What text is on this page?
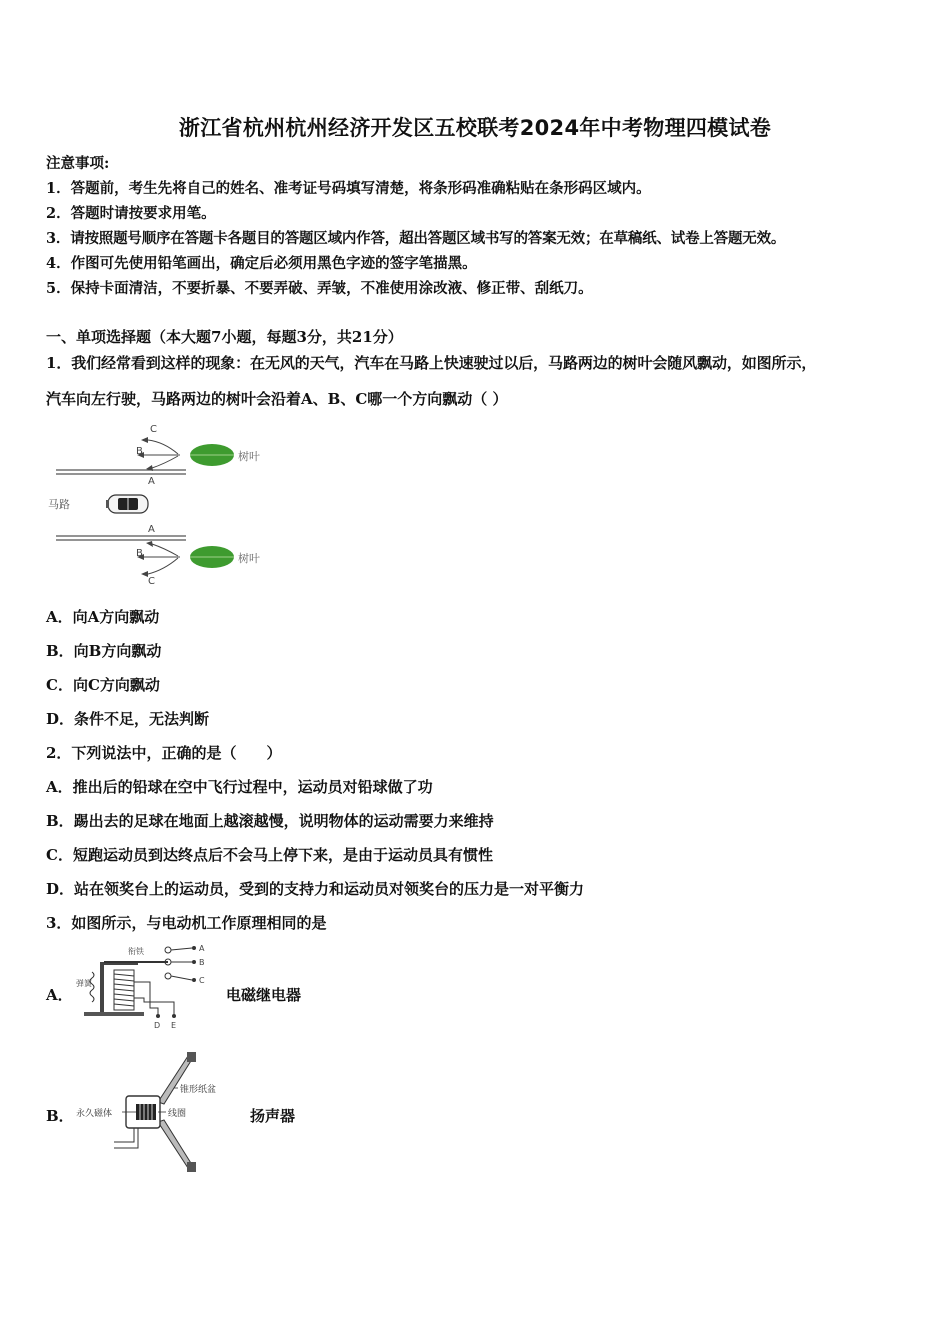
浙江省杭州杭州经济开发区五校联考2024年中考物理四模试卷
注意事项:
1．答题前，考生先将自己的姓名、准考证号码填写清楚，将条形码准确粘贴在条形码区域内。
2．答题时请按要求用笔。
3．请按照题号顺序在答题卡各题目的答题区域内作答，超出答题区域书写的答案无效；在草稿纸、试卷上答题无效。
4．作图可先使用铅笔画出，确定后必须用黑色字迹的签字笔描黑。
5．保持卡面清洁，不要折暴、不要弄破、弄皱，不准使用涂改液、修正带、刮纸刀。
一、单项选择题（本大题7小题，每题3分，共21分）
1．我们经常看到这样的现象：在无风的天气，汽车在马路上快速驶过以后，马路两边的树叶会随风飘动，如图所示，
汽车向左行驶，马路两边的树叶会沿着A、B、C哪一个方向飘动（ ）
C
B
A
树叶
马路
A
B
C
树叶
A．向A方向飘动
B．向B方向飘动
C．向C方向飘动
D．条件不足，无法判断
2．下列说法中，正确的是（　　）
A．推出后的铅球在空中飞行过程中，运动员对铅球做了功
B．踢出去的足球在地面上越滚越慢，说明物体的运动需要力来维持
C．短跑运动员到达终点后不会马上停下来，是由于运动员具有惯性
D．站在领奖台上的运动员，受到的支持力和运动员对领奖台的压力是一对平衡力
3．如图所示，与电动机工作原理相同的是
A．
衔铁
弹簧
A
B
C
D E
电磁继电器
B． 永久磁体
锥形纸盆
线圈	扬声器
